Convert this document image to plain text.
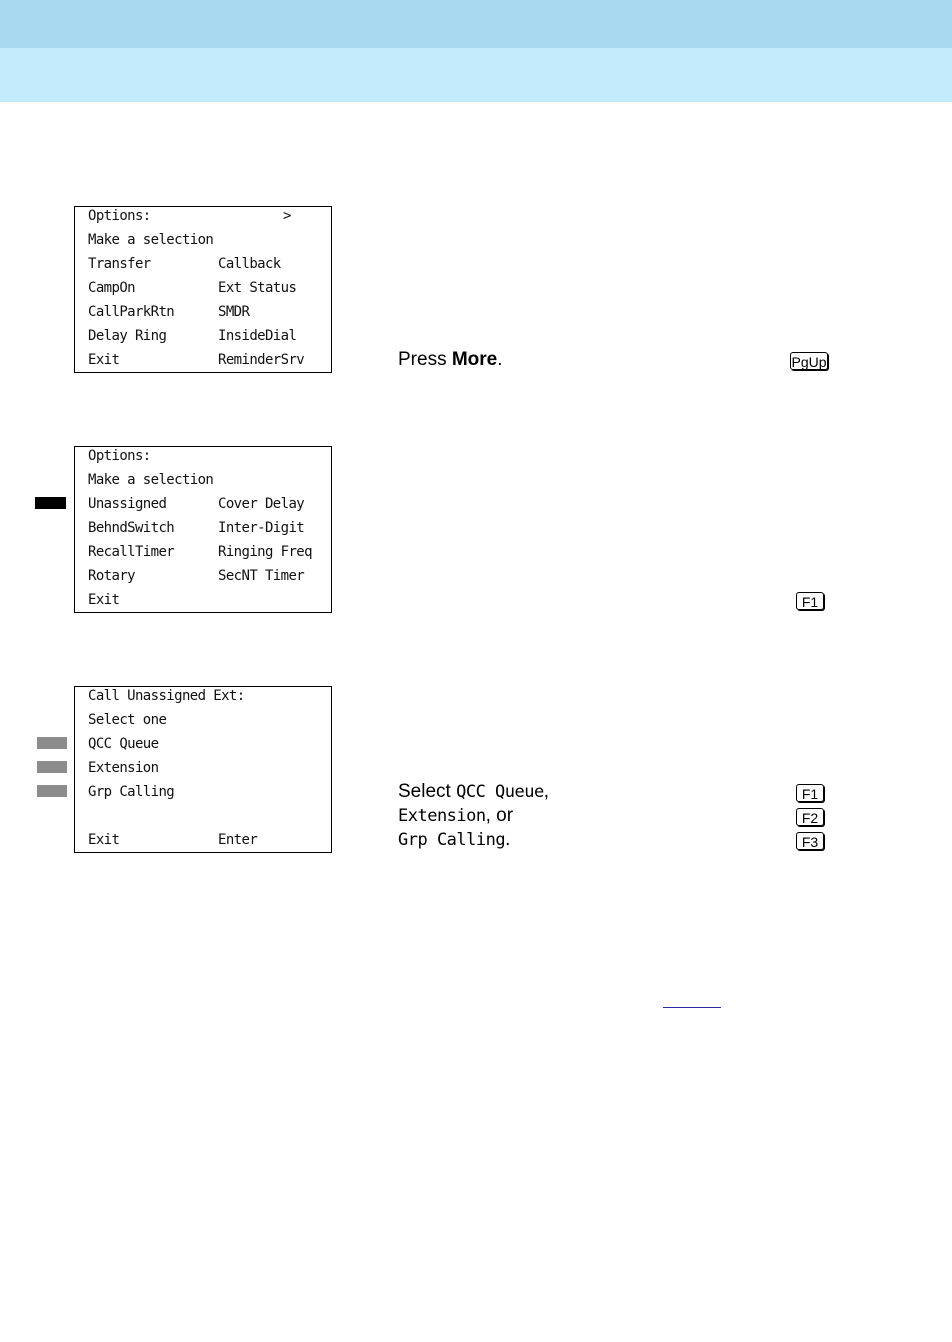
Options:	>
Make a selection
Transfer	Callback
CampOn	Ext Status
CallParkRtn	SMDR
Delay Ring	InsideDial
Exit	ReminderSrv	Press More.	PgUp
Options:
Make a selection
Unassigned	Cover Delay
BehndSwitch	Inter-Digit
RecallTimer	Ringing Freq
Rotary	SecNT Timer
Exit	F1
Call Unassigned Ext:
Select one
QCC Queue
Extension
Grp Calling
Exit	Enter
Select QCC Queue,
Extension, or
Grp Calling.
F1
F2
F3
